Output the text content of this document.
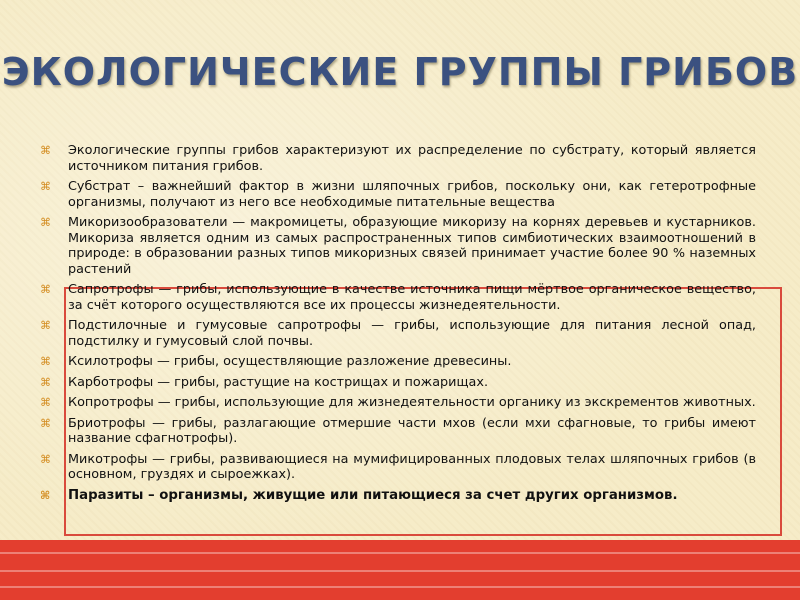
ЭКОЛОГИЧЕСКИЕ ГРУППЫ ГРИБОВ
⌘ Экологические группы грибов характеризуют их распределение по субстрату, который является источником питания грибов.
⌘ Субстрат – важнейший фактор в жизни шляпочных грибов, поскольку они, как гетеротрофные организмы, получают из него все необходимые питательные вещества
⌘ Микоризообразователи — макромицеты, образующие микоризу на корнях деревьев и кустарников. Микориза является одним из самых распространенных типов симбиотических взаимоотношений в природе: в образовании разных типов микоризных связей принимает участие более 90 % наземных растений
⌘ Сапротрофы — грибы, использующие в качестве источника пищи мёртвое органическое вещество, за счёт которого осуществляются все их процессы жизнедеятельности.
⌘ Подстилочные и гумусовые сапротрофы — грибы, использующие для питания лесной опад, подстилку и гумусовый слой почвы.
⌘ Ксилотрофы — грибы, осуществляющие разложение древесины.
⌘ Карботрофы — грибы, растущие на кострищах и пожарищах.
⌘ Копротрофы — грибы, использующие для жизнедеятельности органику из экскрементов животных.
⌘ Бриотрофы — грибы, разлагающие отмершие части мхов (если мхи сфагновые, то грибы имеют название сфагнотрофы).
⌘ Микотрофы — грибы, развивающиеся на мумифицированных плодовых телах шляпочных грибов (в основном, груздях и сыроежках).
⌘ Паразиты – организмы, живущие или питающиеся за счет других организмов.
